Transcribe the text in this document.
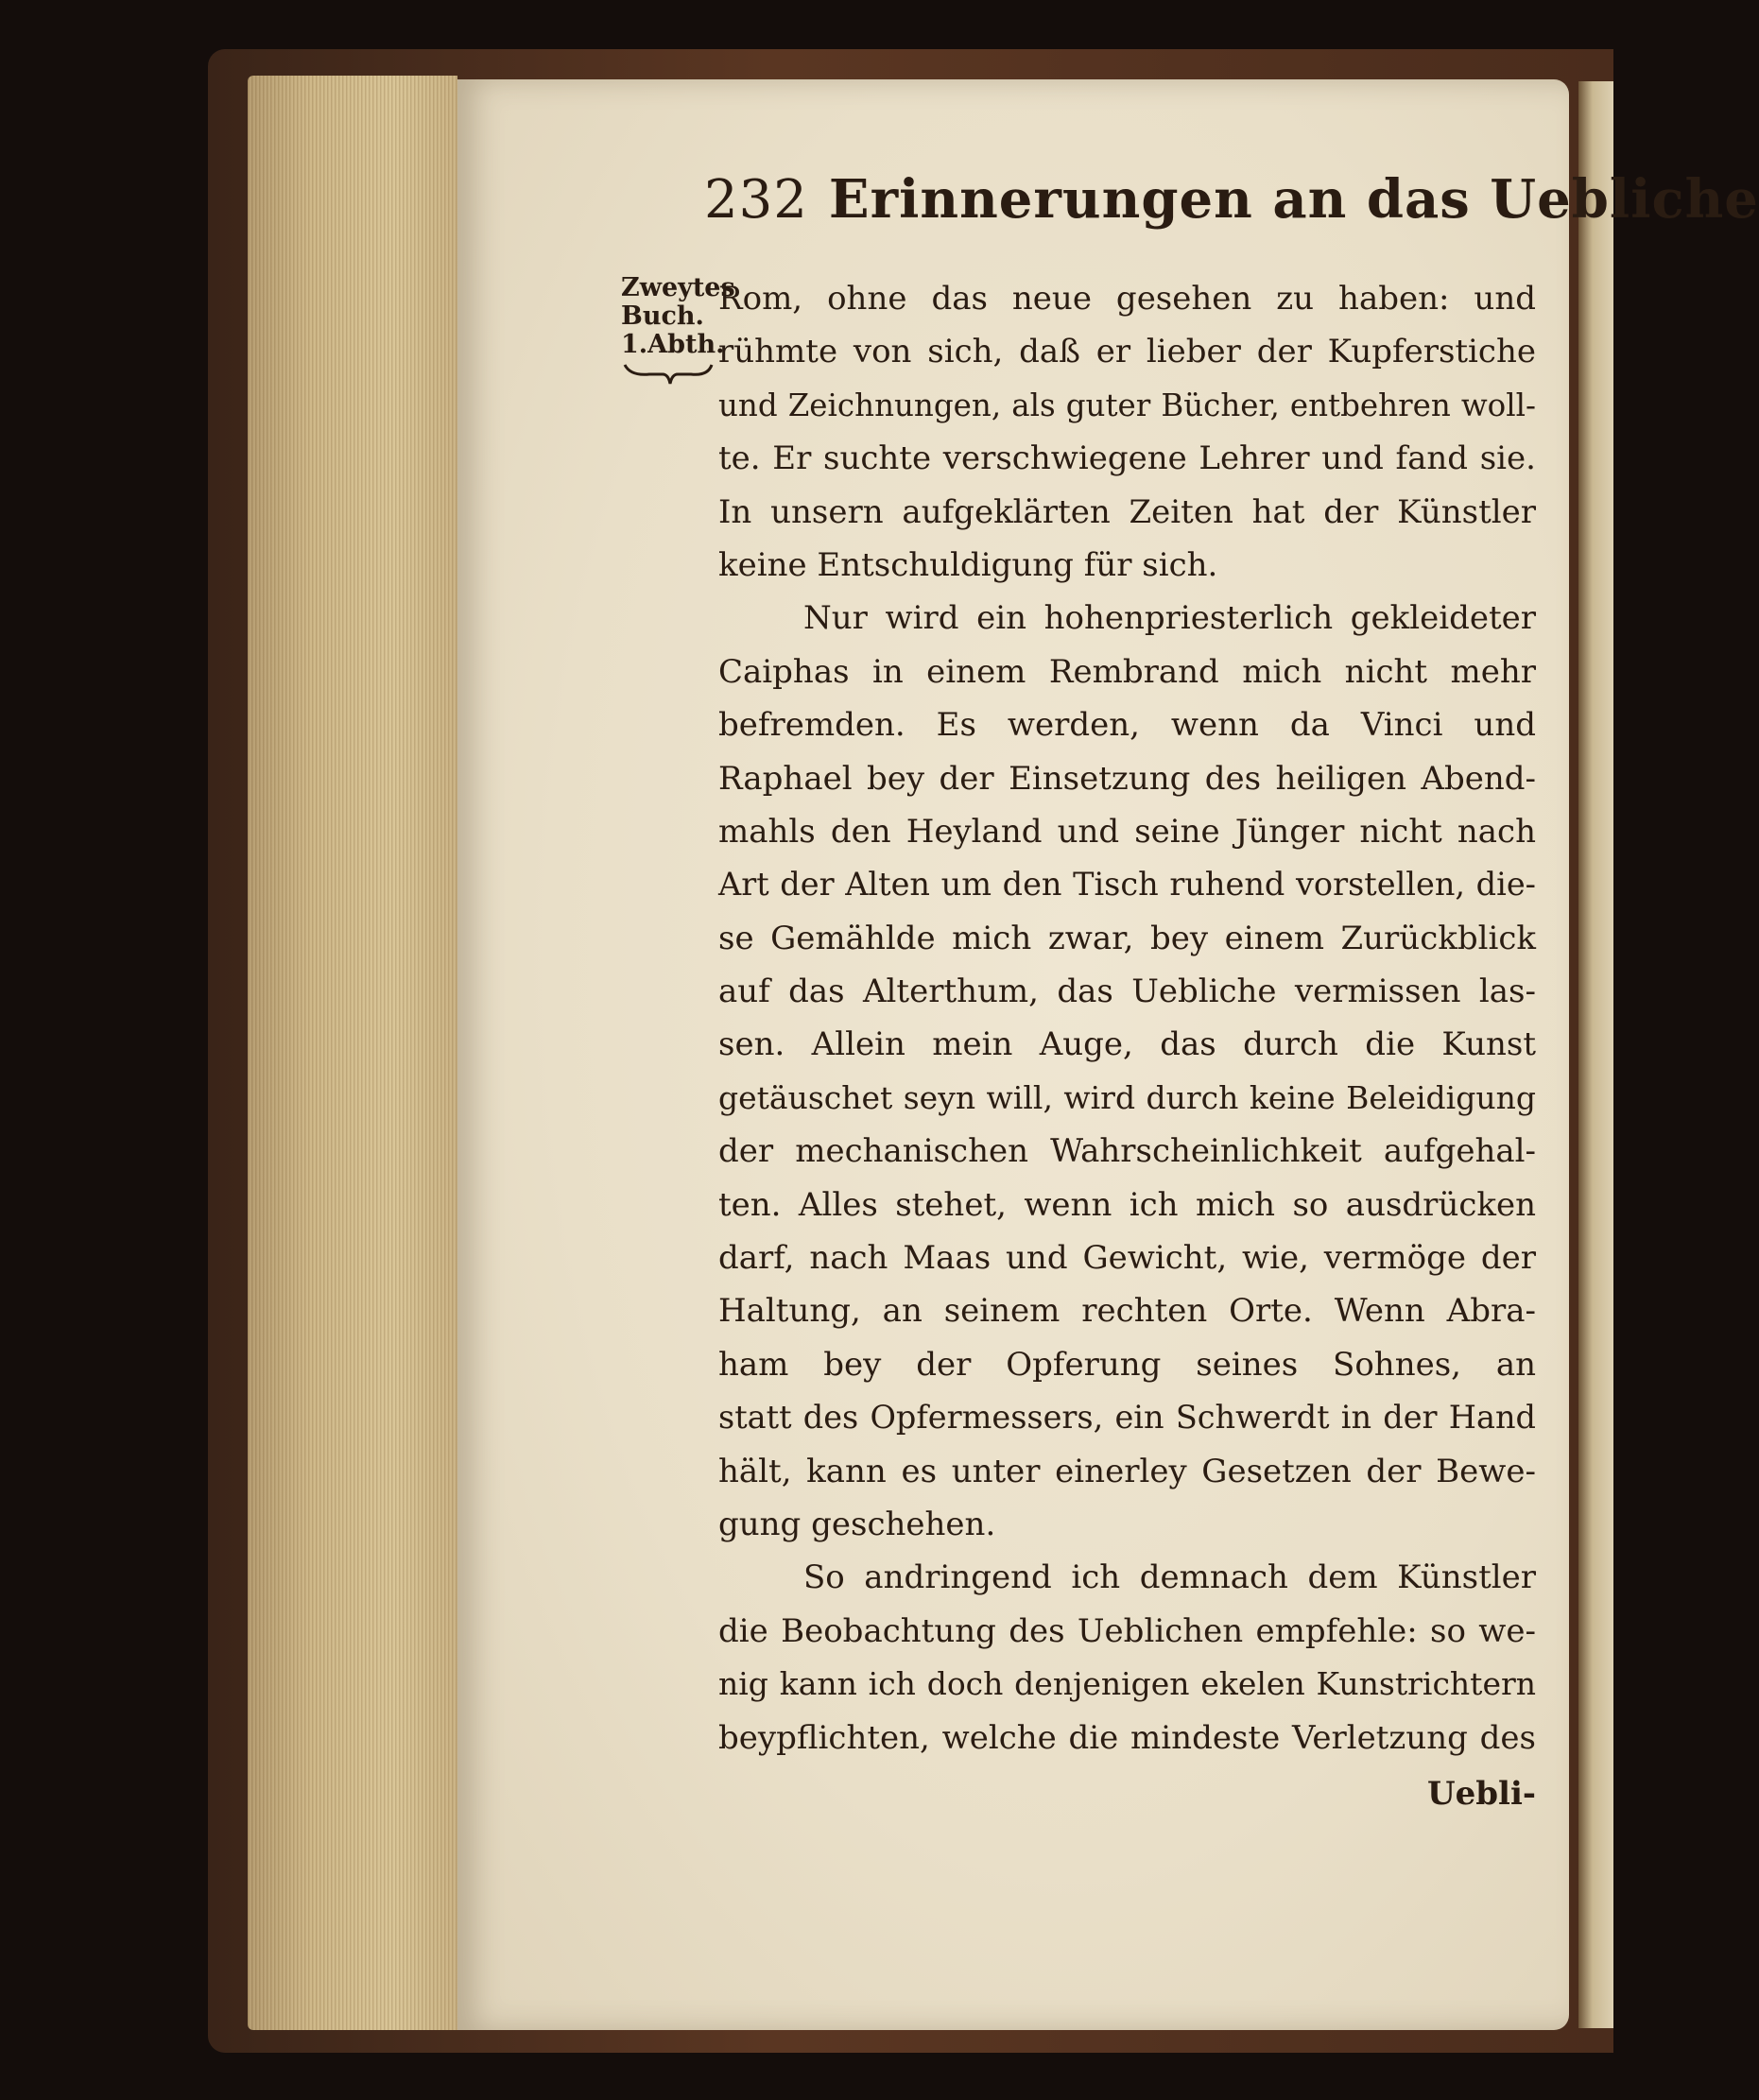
232 Erinnerungen an das Uebliche
Zweytes
Buch.
1.Abth.
Rom, ohne das neue gesehen zu haben: und
rühmte von sich, daß er lieber der Kupferstiche
und Zeichnungen, als guter Bücher, entbehren woll-
te. Er suchte verschwiegene Lehrer und fand sie.
In unsern aufgeklärten Zeiten hat der Künstler
keine Entschuldigung für sich.
Nur wird ein hohenpriesterlich gekleideter
Caiphas in einem Rembrand mich nicht mehr
befremden. Es werden, wenn da Vinci und
Raphael bey der Einsetzung des heiligen Abend-
mahls den Heyland und seine Jünger nicht nach
Art der Alten um den Tisch ruhend vorstellen, die-
se Gemählde mich zwar, bey einem Zurückblick
auf das Alterthum, das Uebliche vermissen las-
sen. Allein mein Auge, das durch die Kunst
getäuschet seyn will, wird durch keine Beleidigung
der mechanischen Wahrscheinlichkeit aufgehal-
ten. Alles stehet, wenn ich mich so ausdrücken
darf, nach Maas und Gewicht, wie, vermöge der
Haltung, an seinem rechten Orte. Wenn Abra-
ham bey der Opferung seines Sohnes, an
statt des Opfermessers, ein Schwerdt in der Hand
hält, kann es unter einerley Gesetzen der Bewe-
gung geschehen.
So andringend ich demnach dem Künstler
die Beobachtung des Ueblichen empfehle: so we-
nig kann ich doch denjenigen ekelen Kunstrichtern
beypflichten, welche die mindeste Verletzung des
Uebli-
